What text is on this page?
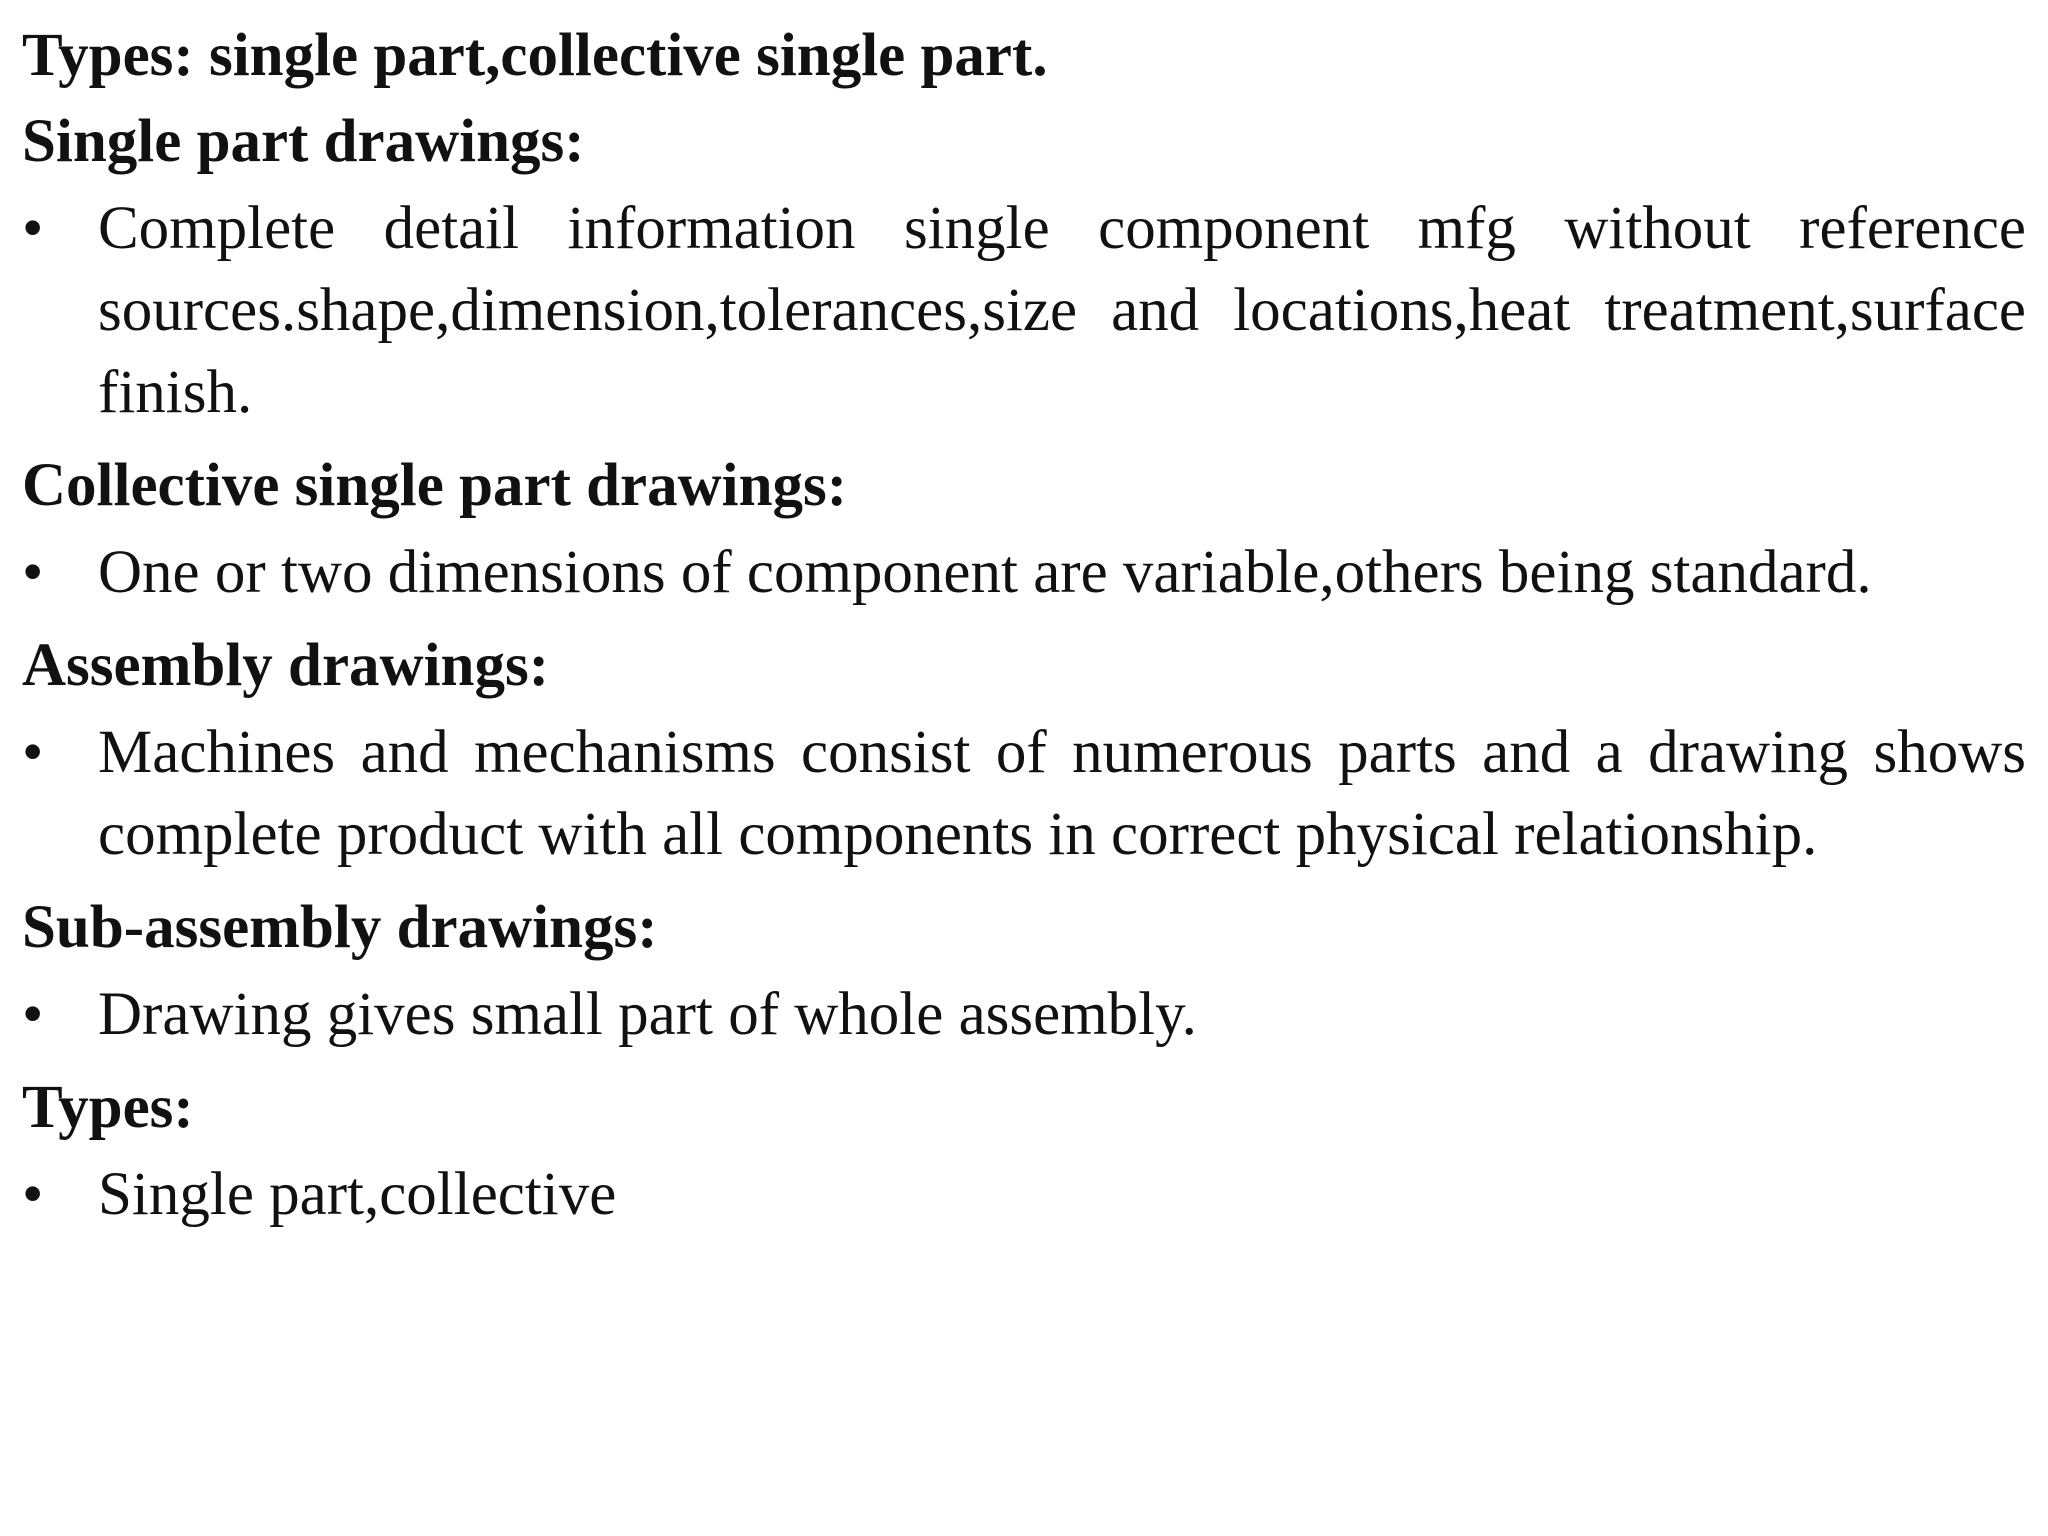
Types: single part,collective single part.
Single part drawings:
• Complete detail information single component mfg without reference sources.shape,dimension,tolerances,size and locations,heat treatment,surface finish.
Collective single part drawings:
• One or two dimensions of component are variable,others being standard.
Assembly drawings:
• Machines and mechanisms consist of numerous parts and a drawing shows complete product with all components in correct physical relationship.
Sub-assembly drawings:
• Drawing gives small part of whole assembly.
Types:
• Single part,collective
